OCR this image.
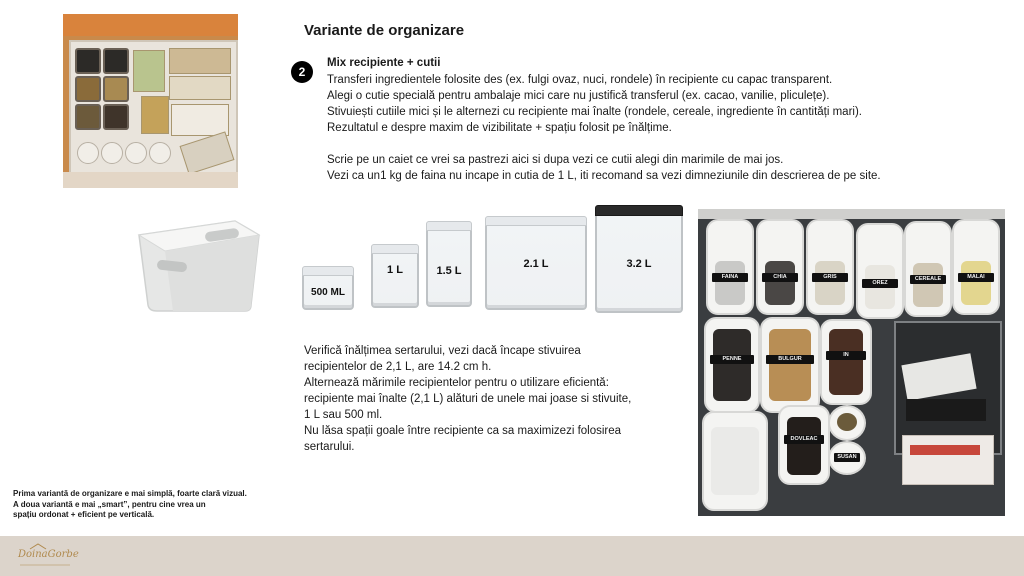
Variante de organizare
2
Mix recipiente + cutii
Transferi ingredientele folosite des (ex. fulgi ovaz, nuci, rondele) în recipiente cu capac transparent.
Alegi o cutie specială pentru ambalaje mici care nu justifică transferul (ex. cacao, vanilie, pliculețe).
Stivuiești cutiile mici și le alternezi cu recipiente mai înalte (rondele, cereale, ingrediente în cantități mari).
Rezultatul e despre maxim de vizibilitate + spațiu folosit pe înălțime.
Scrie pe un caiet ce vrei sa pastrezi aici si dupa vezi ce cutii alegi din marimile de mai jos.
Vezi ca un1 kg de faina nu incape in cutia de 1 L, iti recomand sa vezi dimneziunile din descrierea de pe site.
500 ML
1 L	1.5 L
2.1 L	3.2 L
Verifică înălțimea sertarului, vezi dacă încape stivuirea
recipientelor de 2,1 L, are 14.2 cm h.
Alternează mărimile recipientelor pentru o utilizare eficientă:
recipiente mai înalte (2,1 L) alături de unele mai joase si stivuite,
1 L sau 500 ml.
Nu lăsa spații goale între recipiente ca sa maximizezi folosirea
sertarului.
FAINA	CHIA	GRIS
OREZ
CEREALE	MALAI
PENNE	BULGUR
IN
DOVLEAC
SUSAN
Prima variantă de organizare e mai simplă, foarte clară vizual.
A doua variantă e mai „smart”, pentru cine vrea un
spațiu ordonat + eficient pe verticală.
DoinaGorbe
